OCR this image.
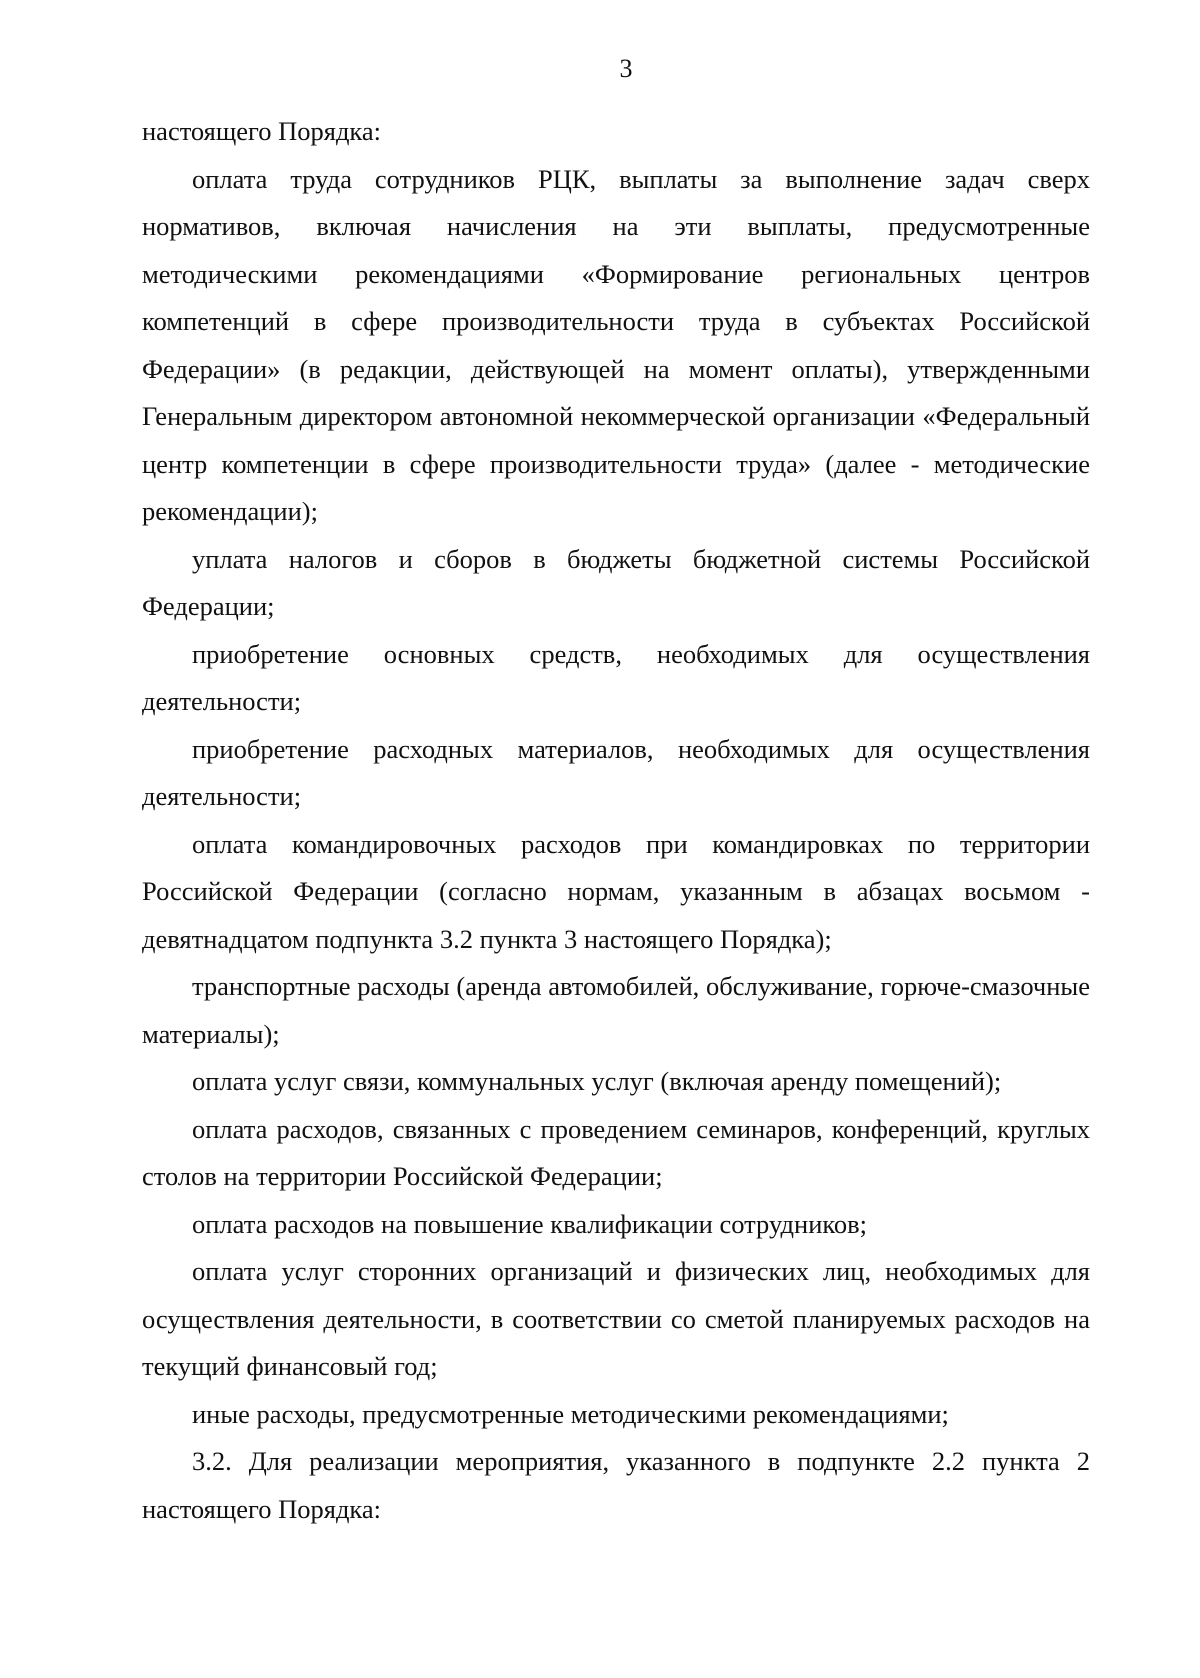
3

настоящего Порядка:

оплата труда сотрудников РЦК, выплаты за выполнение задач сверх нормативов, включая начисления на эти выплаты, предусмотренные методическими рекомендациями «Формирование региональных центров компетенций в сфере производительности труда в субъектах Российской Федерации» (в редакции, действующей на момент оплаты), утвержденными Генеральным директором автономной некоммерческой организации «Федеральный центр компетенции в сфере производительности труда» (далее - методические рекомендации);

уплата налогов и сборов в бюджеты бюджетной системы Российской Федерации;

приобретение основных средств, необходимых для осуществления деятельности;

приобретение расходных материалов, необходимых для осуществления деятельности;

оплата командировочных расходов при командировках по территории Российской Федерации (согласно нормам, указанным в абзацах восьмом - девятнадцатом подпункта 3.2 пункта 3 настоящего Порядка);

транспортные расходы (аренда автомобилей, обслуживание, горюче-смазочные материалы);

оплата услуг связи, коммунальных услуг (включая аренду помещений);

оплата расходов, связанных с проведением семинаров, конференций, круглых столов на территории Российской Федерации;

оплата расходов на повышение квалификации сотрудников;

оплата услуг сторонних организаций и физических лиц, необходимых для осуществления деятельности, в соответствии со сметой планируемых расходов на текущий финансовый год;

иные расходы, предусмотренные методическими рекомендациями;

3.2. Для реализации мероприятия, указанного в подпункте 2.2 пункта 2 настоящего Порядка:
